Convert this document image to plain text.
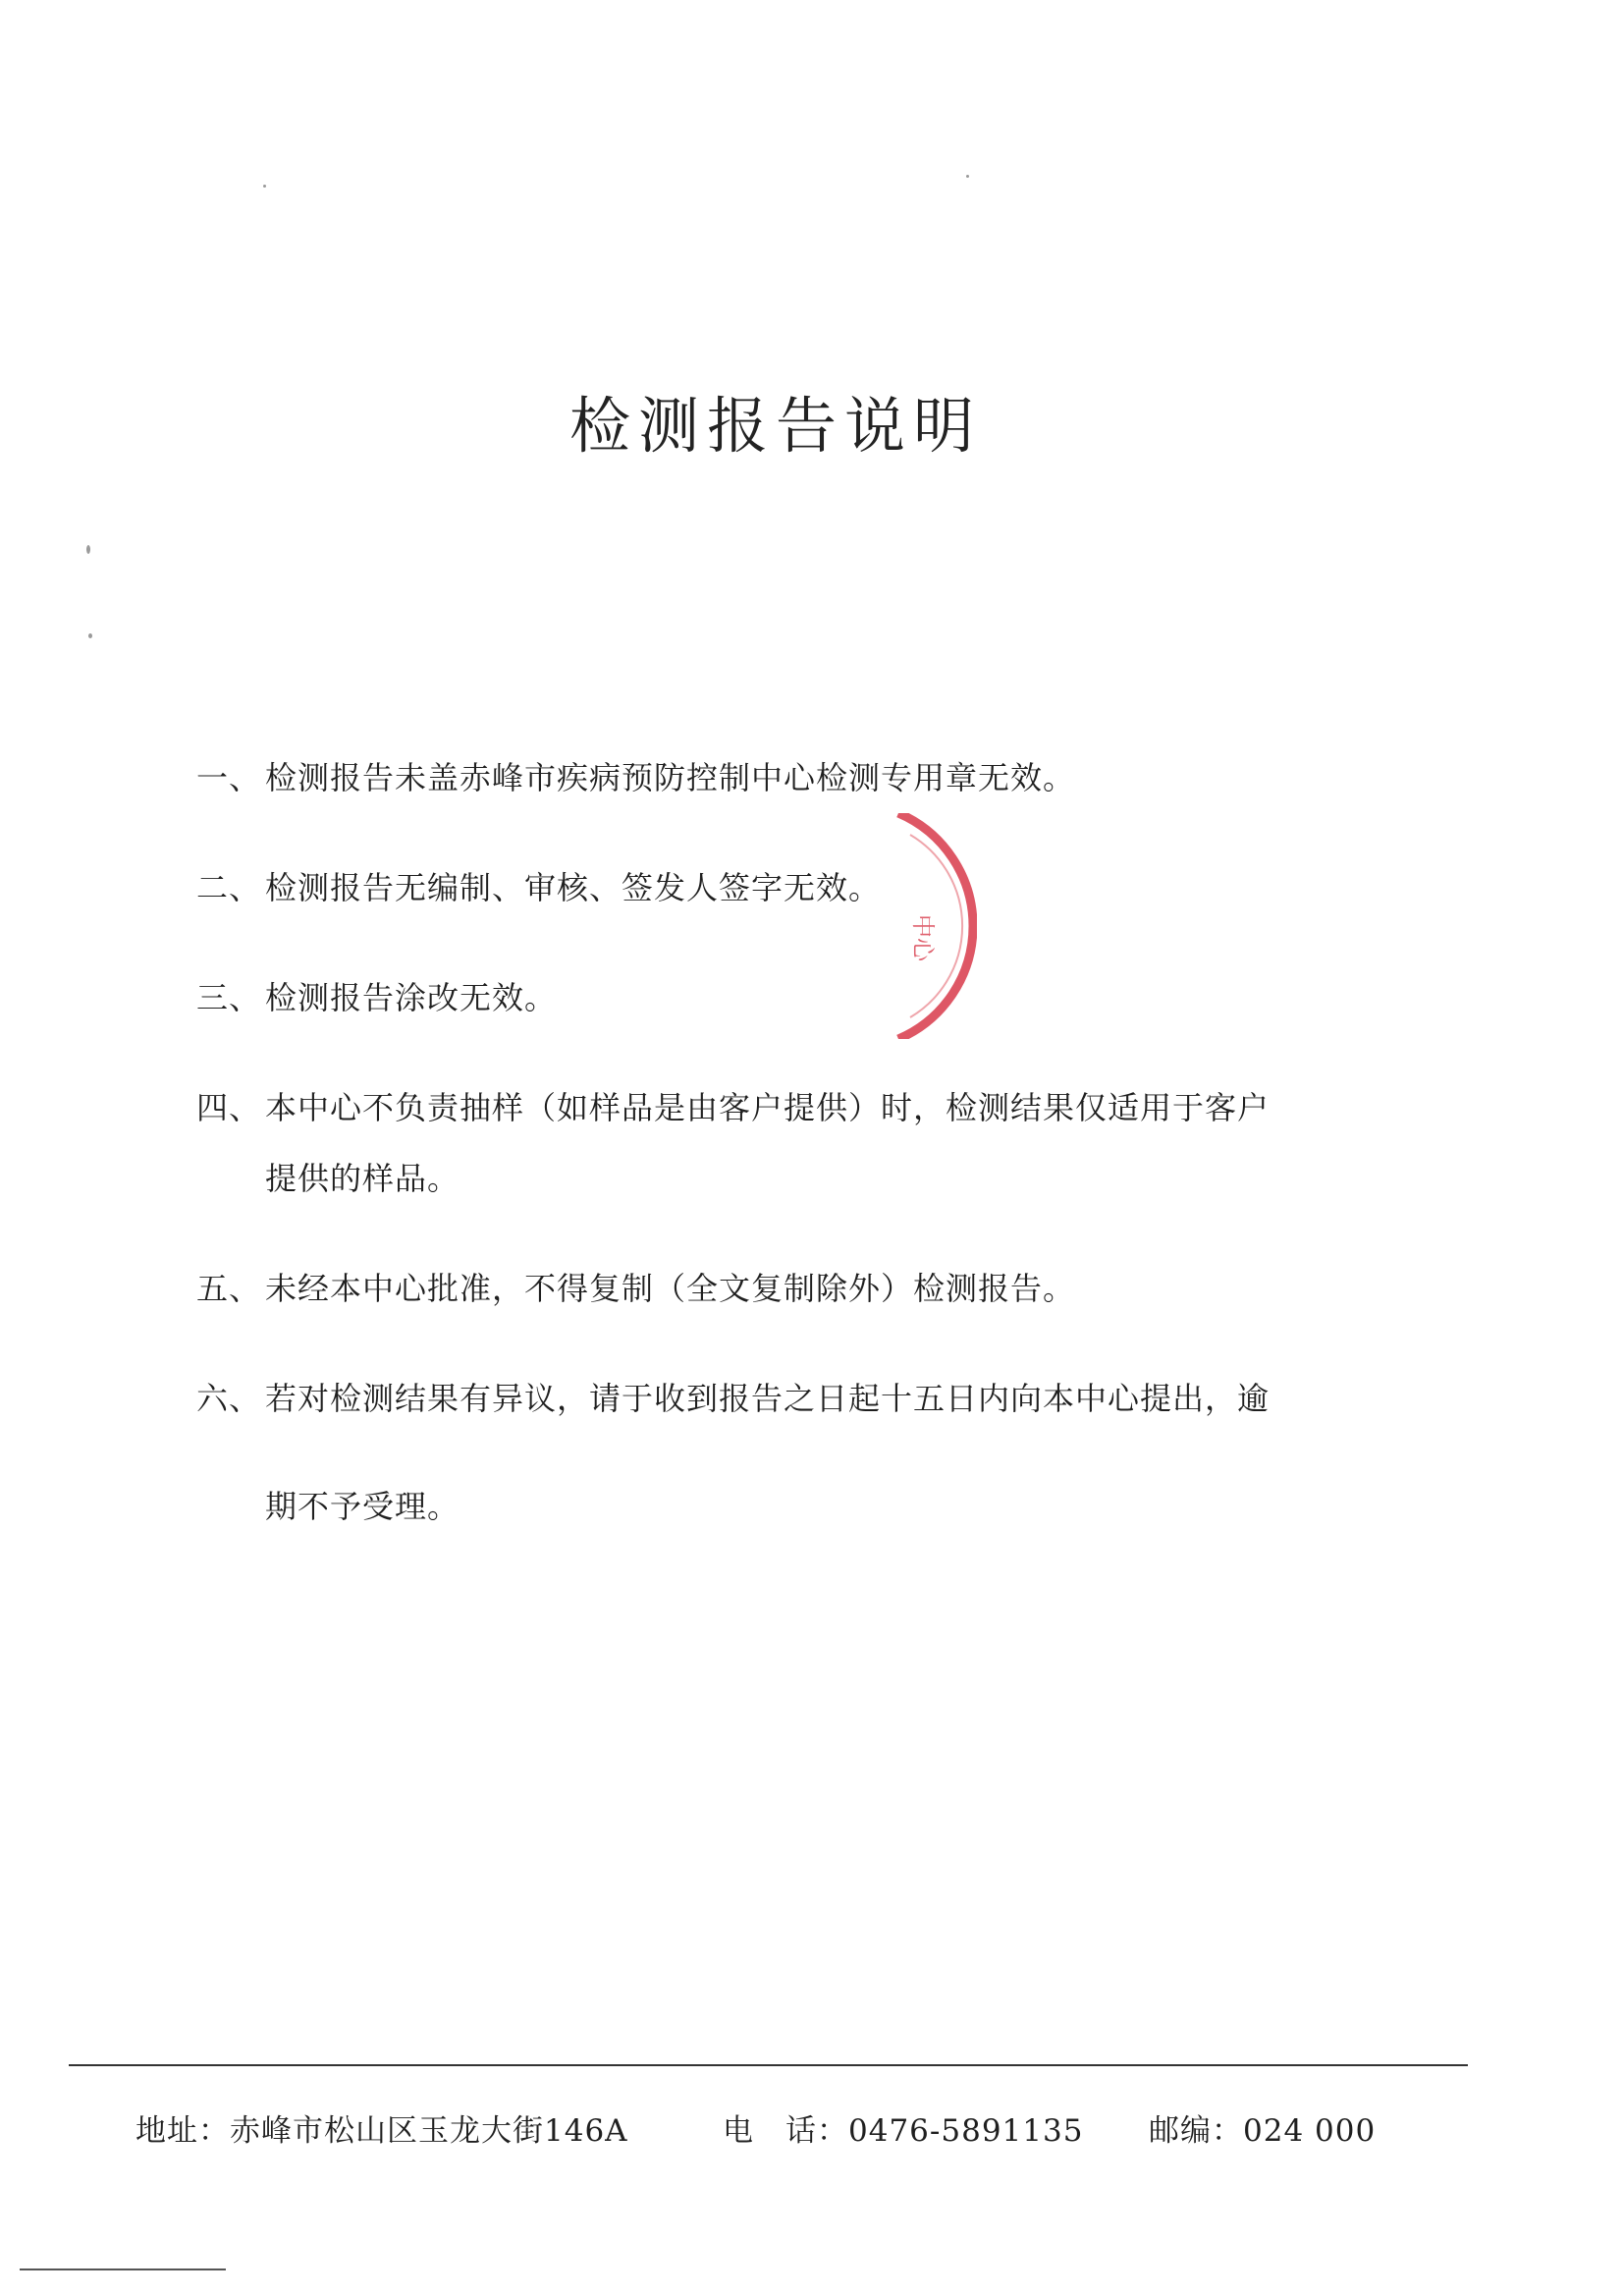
检测报告说明
一、 检测报告未盖赤峰市疾病预防控制中心检测专用章无效。
二、 检测报告无编制、审核、签发人签字无效。
三、 检测报告涂改无效。
四、 本中心不负责抽样（如样品是由客户提供）时，检测结果仅适用于客户
提供的样品。
五、 未经本中心批准，不得复制（全文复制除外）检测报告。
六、 若对检测结果有异议，请于收到报告之日起十五日内向本中心提出，逾
期不予受理。
中心
地址：赤峰市松山区玉龙大街146A	电　话：0476-5891135 邮编：024 000
